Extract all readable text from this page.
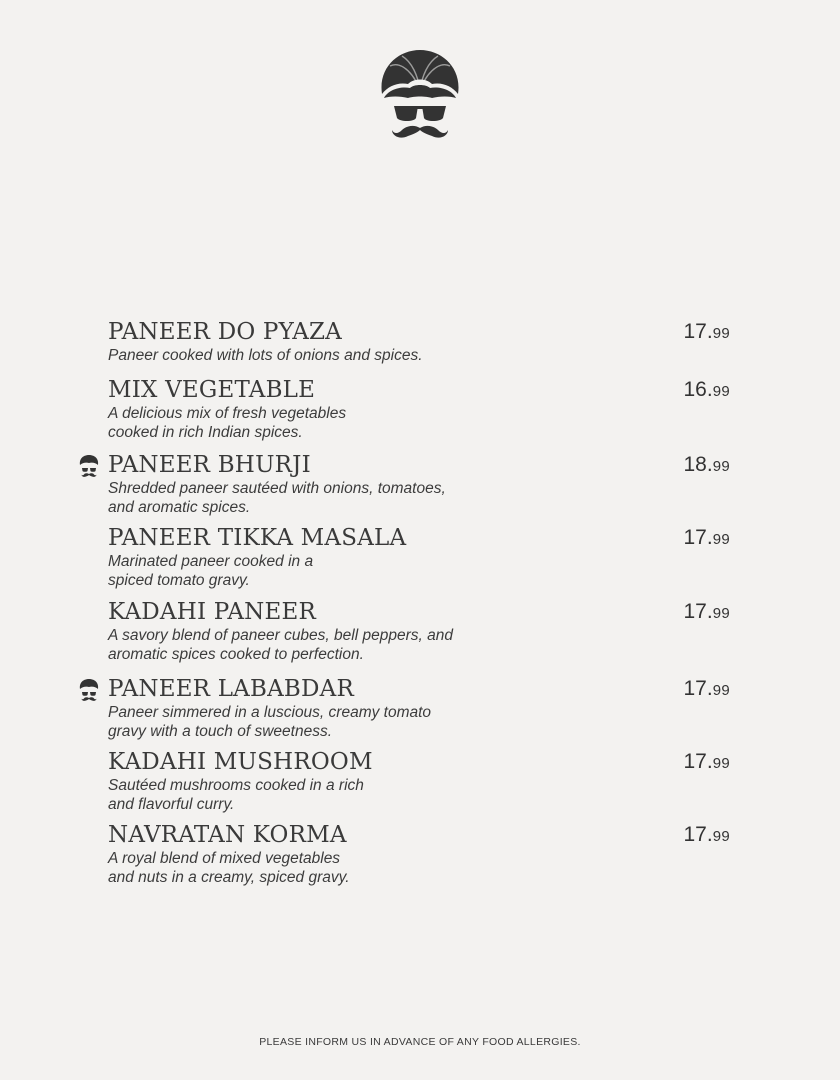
PANEER DO PYAZA	17.99
Paneer cooked with lots of onions and spices.
MIX VEGETABLE	16.99
A delicious mix of fresh vegetables
cooked in rich Indian spices.
PANEER BHURJI	18.99
Shredded paneer sautéed with onions, tomatoes,
and aromatic spices.
PANEER TIKKA MASALA	17.99
Marinated paneer cooked in a
spiced tomato gravy.
KADAHI PANEER	17.99
A savory blend of paneer cubes, bell peppers, and
aromatic spices cooked to perfection.
PANEER LABABDAR	17.99
Paneer simmered in a luscious, creamy tomato
gravy with a touch of sweetness.
KADAHI MUSHROOM	17.99
Sautéed mushrooms cooked in a rich
and flavorful curry.
NAVRATAN KORMA	17.99
A royal blend of mixed vegetables
and nuts in a creamy, spiced gravy.
PLEASE INFORM US IN ADVANCE OF ANY FOOD ALLERGIES.
